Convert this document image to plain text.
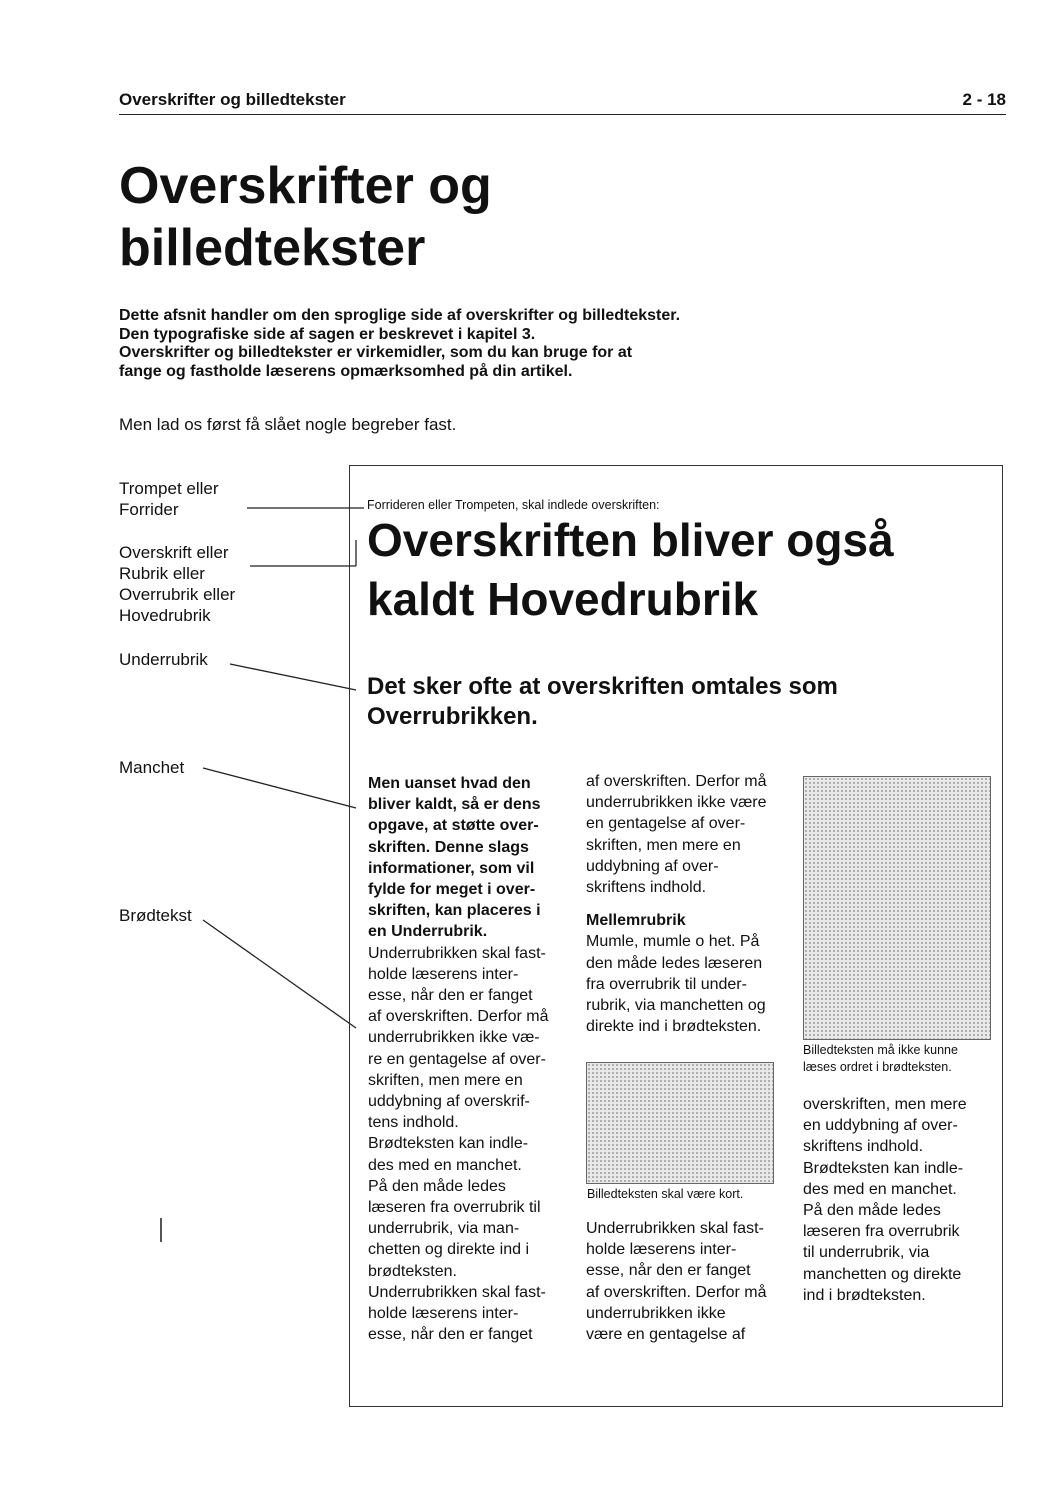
Overskrifter og billedtekster	2 - 18
Overskrifter og
billedtekster
Dette afsnit handler om den sproglige side af overskrifter og billedtekster.
Den typografiske side af sagen er beskrevet i kapitel 3.
Overskrifter og billedtekster er virkemidler, som du kan bruge for at
fange og fastholde læserens opmærksomhed på din artikel.
Men lad os først få slået nogle begreber fast.
Trompet eller
Forrider
Overskrift eller
Rubrik eller
Overrubrik eller
Hovedrubrik
Underrubrik
Manchet
Brødtekst
Forrideren eller Trompeten, skal indlede overskriften:
Overskriften bliver også
kaldt Hovedrubrik
Det sker ofte at overskriften omtales som
Overrubrikken.
Men uanset hvad den
bliver kaldt, så er dens
opgave, at støtte over-
skriften. Denne slags
informationer, som vil
fylde for meget i over-
skriften, kan placeres i
en Underrubrik.
Underrubrikken skal fast-
holde læserens inter-
esse, når den er fanget
af overskriften. Derfor må
underrubrikken ikke væ-
re en gentagelse af over-
skriften, men mere en
uddybning af overskrif-
tens indhold.
Brødteksten kan indle-
des med en manchet.
På den måde ledes
læseren fra overrubrik til
underrubrik, via man-
chetten og direkte ind i
brødteksten.
Underrubrikken skal fast-
holde læserens inter-
esse, når den er fanget
af overskriften. Derfor må
underrubrikken ikke være
en gentagelse af over-
skriften, men mere en
uddybning af over-
skriftens indhold.
Mellemrubrik
Mumle, mumle o het. På
den måde ledes læseren
fra overrubrik til under-
rubrik, via manchetten og
direkte ind i brødteksten.
Underrubrikken skal fast-
holde læserens inter-
esse, når den er fanget
af overskriften. Derfor må
underrubrikken ikke
være en gentagelse af
Billedteksten må ikke kunne
læses ordret i brødteksten.
Billedteksten skal være kort.
overskriften, men mere
en uddybning af over-
skriftens indhold.
Brødteksten kan indle-
des med en manchet.
På den måde ledes
læseren fra overrubrik
til underrubrik, via
manchetten og direkte
ind i brødteksten.
